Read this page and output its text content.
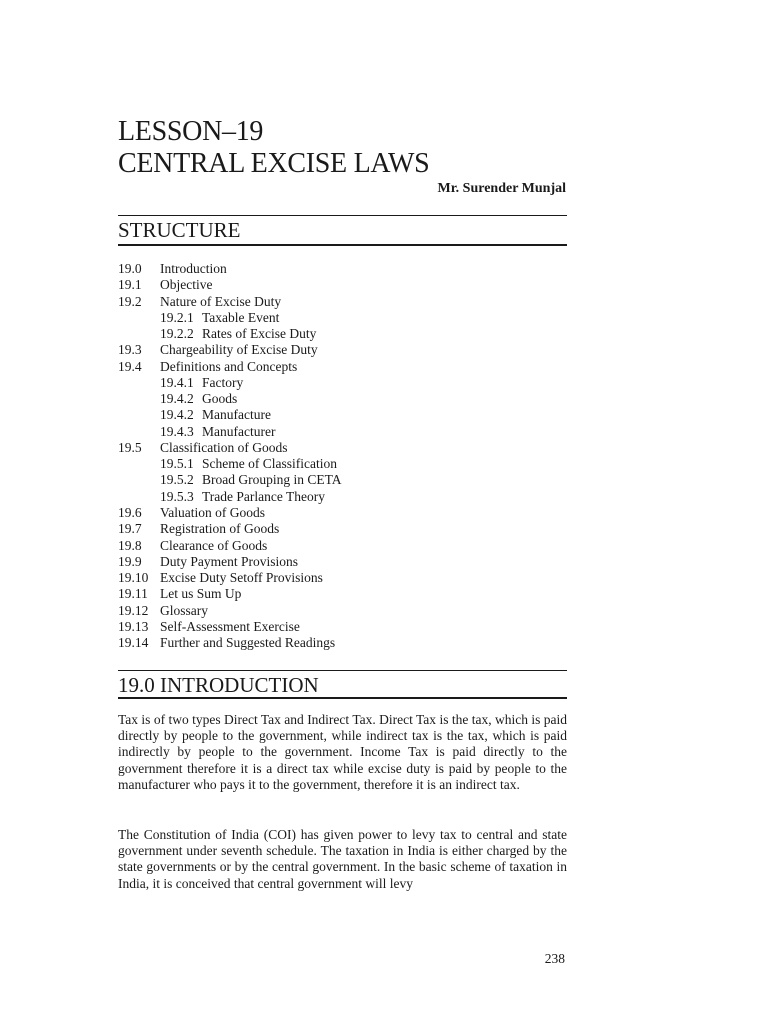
LESSON–19
CENTRAL EXCISE LAWS
Mr. Surender Munjal
STRUCTURE
19.0 Introduction
19.1 Objective
19.2 Nature of Excise Duty
19.2.1 Taxable Event
19.2.2 Rates of Excise Duty
19.3 Chargeability of Excise Duty
19.4 Definitions and Concepts
19.4.1 Factory
19.4.2 Goods
19.4.2 Manufacture
19.4.3 Manufacturer
19.5 Classification of Goods
19.5.1 Scheme of Classification
19.5.2 Broad Grouping in CETA
19.5.3 Trade Parlance Theory
19.6 Valuation of Goods
19.7 Registration of Goods
19.8 Clearance of Goods
19.9 Duty Payment Provisions
19.10 Excise Duty Setoff Provisions
19.11 Let us Sum Up
19.12 Glossary
19.13 Self-Assessment Exercise
19.14 Further and Suggested Readings
19.0 INTRODUCTION

Tax is of two types Direct Tax and Indirect Tax. Direct Tax is the tax, which is paid directly by people to the government, while indirect tax is the tax, which is paid indirectly by people to the government. Income Tax is paid directly to the government therefore it is a direct tax while excise duty is paid by people to the manufacturer who pays it to the government, therefore it is an indirect tax.

The Constitution of India (COI) has given power to levy tax to central and state government under seventh schedule. The taxation in India is either charged by the state governments or by the central government. In the basic scheme of taxation in India, it is conceived that central government will levy

238
